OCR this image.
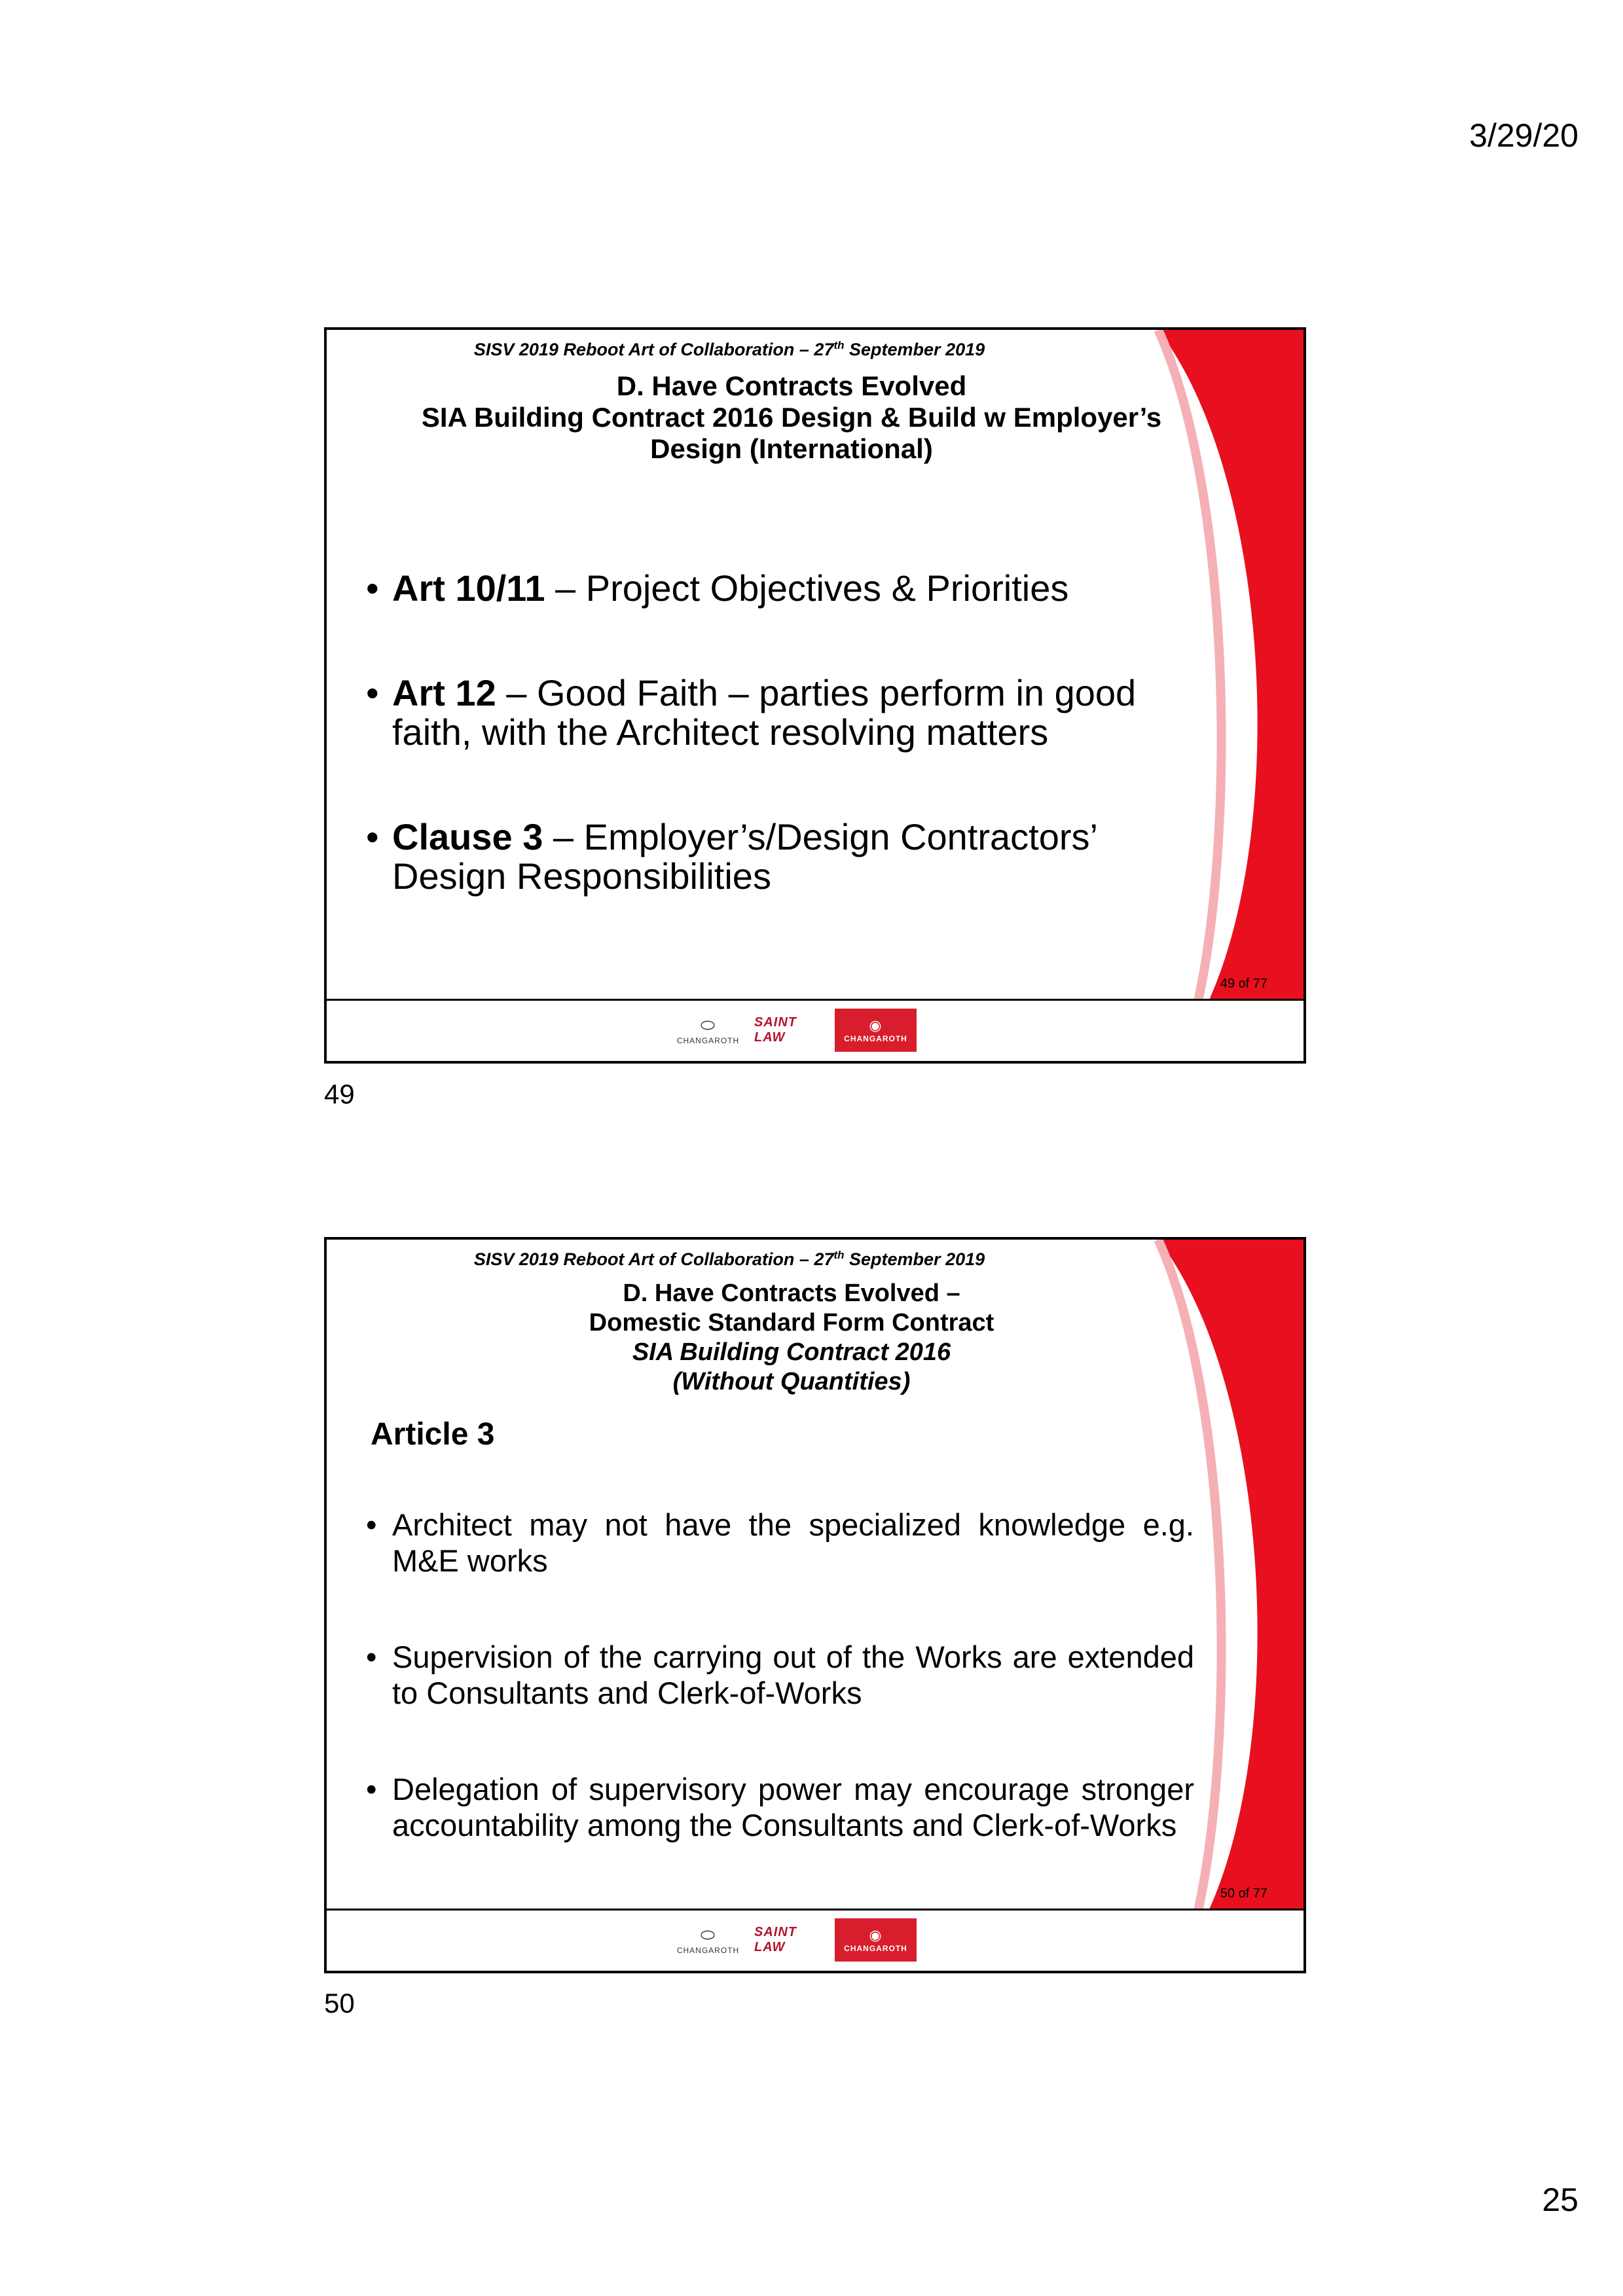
3/29/20
SISV 2019 Reboot Art of Collaboration – 27th September 2019
D. Have Contracts Evolved
SIA Building Contract 2016 Design & Build w Employer’s
Design (International)
• Art 10/11 – Project Objectives & Priorities
• Art 12 – Good Faith – parties perform in good faith, with the Architect resolving matters
• Clause 3 – Employer’s/Design Contractors’ Design Responsibilities
49 of 77
⬭
CHANGAROTH
SAINT LAW
◉
CHANGAROTH
49
SISV 2019 Reboot Art of Collaboration – 27th September 2019
D. Have Contracts Evolved –
Domestic Standard Form Contract
SIA Building Contract 2016
(Without Quantities)
Article 3
• Architect may not have the specialized knowledge e.g. M&E works
• Supervision of the carrying out of the Works are extended to Consultants and Clerk-of-Works
• Delegation of supervisory power may encourage stronger accountability among the Consultants and Clerk-of-Works
50 of 77
⬭
CHANGAROTH
SAINT LAW
◉
CHANGAROTH
50
25
